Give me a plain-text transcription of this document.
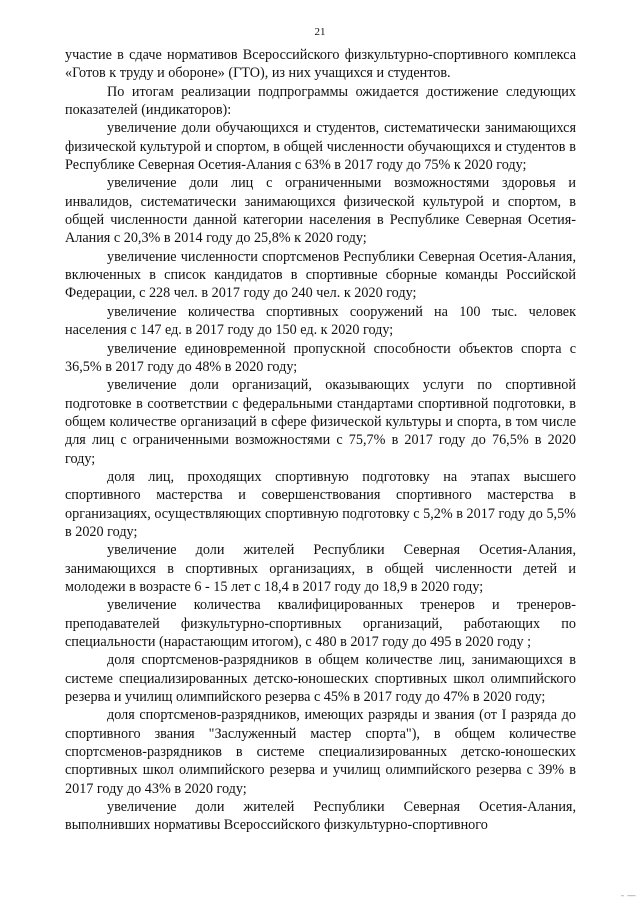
21

участие в сдаче нормативов Всероссийского физкультурно-спортивного комплекса «Готов к труду и обороне» (ГТО), из них учащихся и студентов.

По итогам реализации подпрограммы ожидается достижение следующих показателей (индикаторов):

увеличение доли обучающихся и студентов, систематически занимающихся физической культурой и спортом, в общей численности обучающихся и студентов в Республике Северная Осетия-Алания с 63% в 2017 году до 75% к 2020 году;

увеличение доли лиц с ограниченными возможностями здоровья и инвалидов, систематически занимающихся физической культурой и спортом, в общей численности данной категории населения в Республике Северная Осетия-Алания с 20,3% в 2014 году до 25,8% к 2020 году;

увеличение численности спортсменов Республики Северная Осетия-Алания, включенных в список кандидатов в спортивные сборные команды Российской Федерации, с 228 чел. в 2017 году до 240 чел. к 2020 году;

увеличение количества спортивных сооружений на 100 тыс. человек населения с 147 ед. в 2017 году до 150 ед. к 2020 году;

увеличение единовременной пропускной способности объектов спорта с 36,5% в 2017 году до 48% в 2020 году;

увеличение доли организаций, оказывающих услуги по спортивной подготовке в соответствии с федеральными стандартами спортивной подготовки, в общем количестве организаций в сфере физической культуры и спорта, в том числе для лиц с ограниченными возможностями с 75,7% в 2017 году до 76,5% в 2020 году;

доля лиц, проходящих спортивную подготовку на этапах высшего спортивного мастерства и совершенствования спортивного мастерства в организациях, осуществляющих спортивную подготовку с 5,2% в 2017 году до 5,5% в 2020 году;

увеличение доли жителей Республики Северная Осетия-Алания, занимающихся в спортивных организациях, в общей численности детей и молодежи в возрасте 6 - 15 лет с 18,4 в 2017 году до 18,9 в 2020 году;

увеличение количества квалифицированных тренеров и тренеров-преподавателей физкультурно-спортивных организаций, работающих по специальности (нарастающим итогом), с 480 в 2017 году до 495 в 2020 году ;

доля спортсменов-разрядников в общем количестве лиц, занимающихся в системе специализированных детско-юношеских спортивных школ олимпийского резерва и училищ олимпийского резерва с 45% в 2017 году до 47% в 2020 году;

доля спортсменов-разрядников, имеющих разряды и звания (от I разряда до спортивного звания "Заслуженный мастер спорта"), в общем количестве спортсменов-разрядников в системе специализированных детско-юношеских спортивных школ олимпийского резерва и училищ олимпийского резерва с 39% в 2017 году до 43% в 2020 году;

увеличение доли жителей Республики Северная Осетия-Алания, выполнивших нормативы Всероссийского физкультурно-спортивного

- —
